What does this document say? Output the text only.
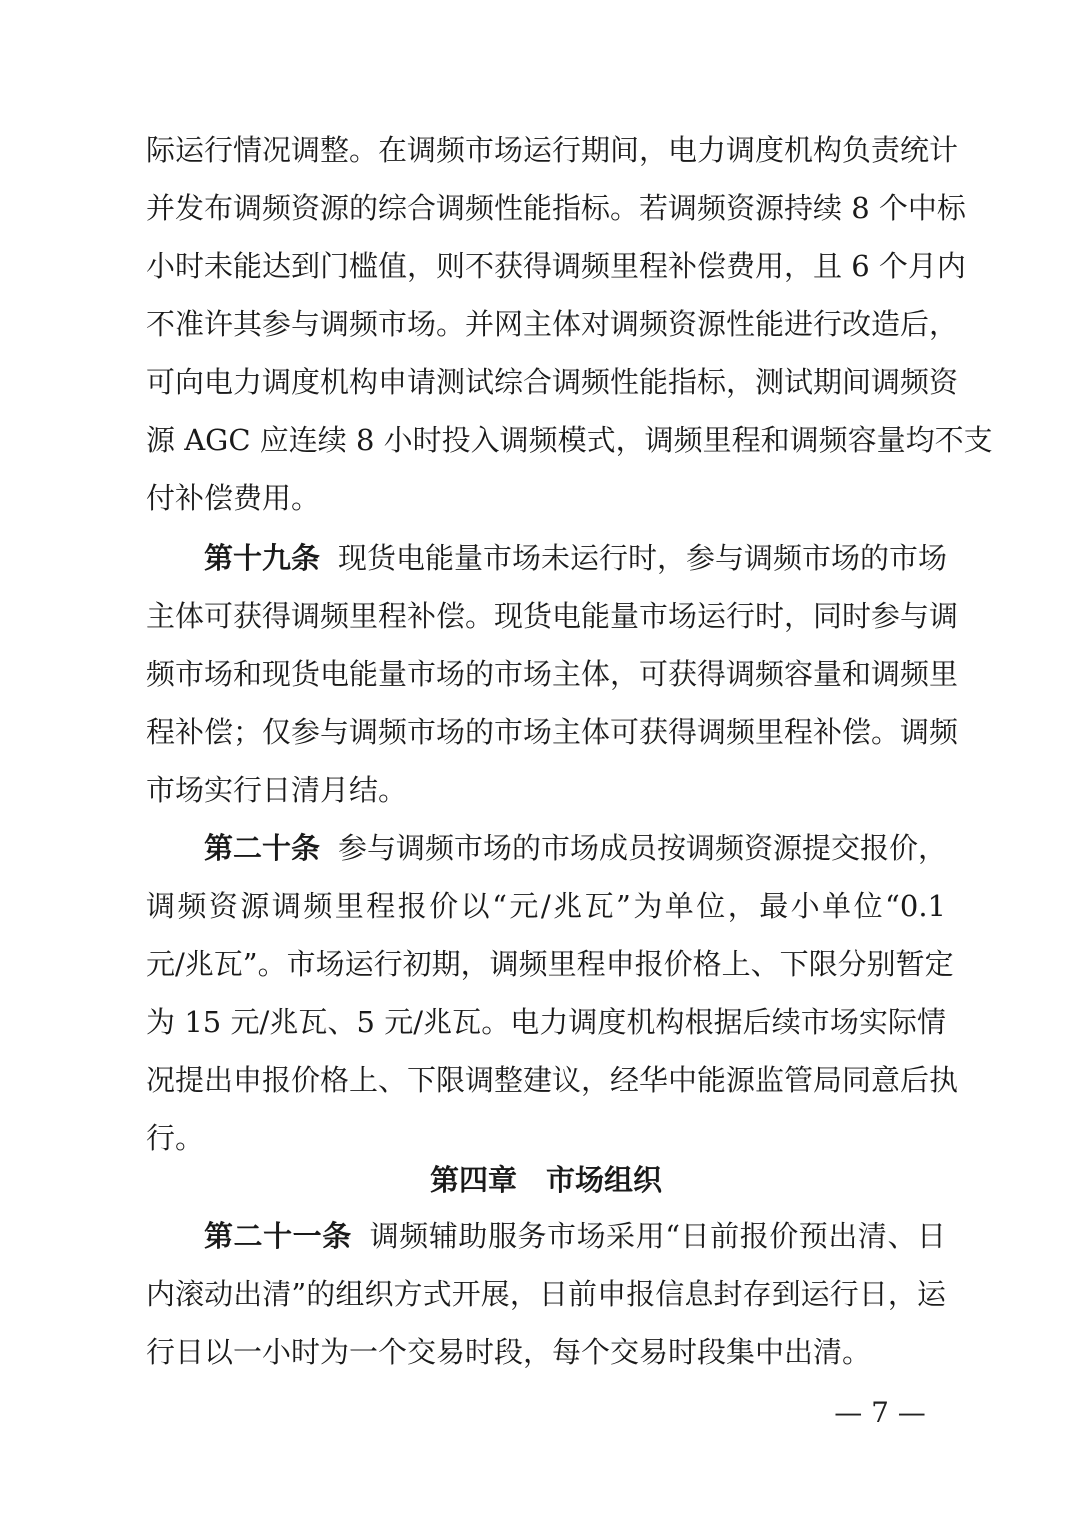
际运行情况调整。在调频市场运行期间，电力调度机构负责统计
并发布调频资源的综合调频性能指标。若调频资源持续 8 个中标
小时未能达到门槛值，则不获得调频里程补偿费用，且 6 个月内
不准许其参与调频市场。并网主体对调频资源性能进行改造后，
可向电力调度机构申请测试综合调频性能指标，测试期间调频资
源 AGC 应连续 8 小时投入调频模式，调频里程和调频容量均不支
付补偿费用。
第十九条 现货电能量市场未运行时，参与调频市场的市场
主体可获得调频里程补偿。现货电能量市场运行时，同时参与调
频市场和现货电能量市场的市场主体，可获得调频容量和调频里
程补偿；仅参与调频市场的市场主体可获得调频里程补偿。调频
市场实行日清月结。
第二十条 参与调频市场的市场成员按调频资源提交报价，
调频资源调频里程报价以“元/兆瓦”为单位，最小单位“0.1
元/兆瓦”。市场运行初期，调频里程申报价格上、下限分别暂定
为 15 元/兆瓦、5 元/兆瓦。电力调度机构根据后续市场实际情
况提出申报价格上、下限调整建议，经华中能源监管局同意后执
行。
第四章　市场组织
第二十一条 调频辅助服务市场采用“日前报价预出清、日
内滚动出清”的组织方式开展，日前申报信息封存到运行日，运
行日以一小时为一个交易时段，每个交易时段集中出清。
— 7 —
